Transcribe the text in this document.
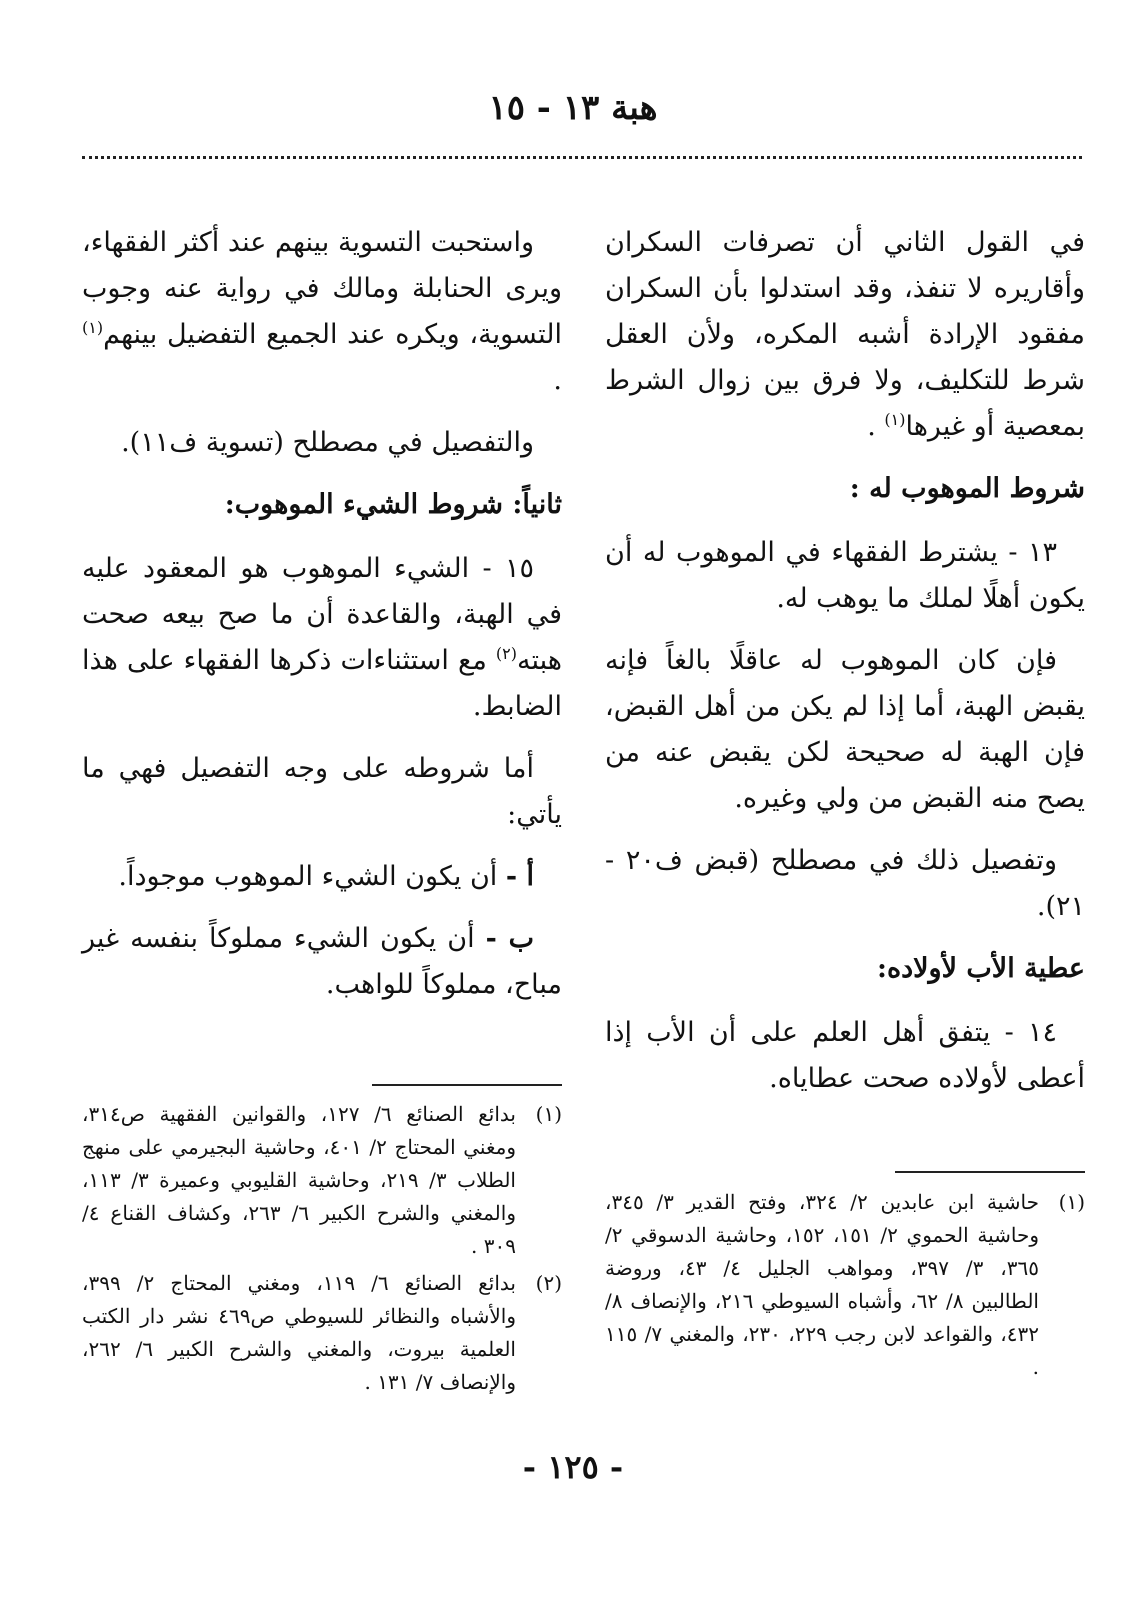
هبة ١٣ - ١٥

في القول الثاني أن تصرفات السكران وأقاريره لا تنفذ، وقد استدلوا بأن السكران مفقود الإرادة أشبه المكره، ولأن العقل شرط للتكليف، ولا فرق بين زوال الشرط بمعصية أو غيرها$^{(١)}$ .

شروط الموهوب له :

١٣ - يشترط الفقهاء في الموهوب له أن يكون أهلًا لملك ما يوهب له.

فإن كان الموهوب له عاقلًا بالغاً فإنه يقبض الهبة، أما إذا لم يكن من أهل القبض، فإن الهبة له صحيحة لكن يقبض عنه من يصح منه القبض من ولي وغيره.

وتفصيل ذلك في مصطلح (قبض ف٢٠ - ٢١).

عطية الأب لأولاده:

١٤ - يتفق أهل العلم على أن الأب إذا أعطى لأولاده صحت عطاياه.

واستحبت التسوية بينهم عند أكثر الفقهاء، ويرى الحنابلة ومالك في رواية عنه وجوب التسوية، ويكره عند الجميع التفضيل بينهم$^{(١)}$ .

والتفصيل في مصطلح (تسوية ف١١).

ثانياً: شروط الشيء الموهوب:

١٥ - الشيء الموهوب هو المعقود عليه في الهبة، والقاعدة أن ما صح بيعه صحت هبته$^{(٢)}$ مع استثناءات ذكرها الفقهاء على هذا الضابط.

أما شروطه على وجه التفصيل فهي ما يأتي:

أ - أن يكون الشيء الموهوب موجوداً.

ب - أن يكون الشيء مملوكاً بنفسه غير مباح، مملوكاً للواهب.

(١)
حاشية ابن عابدين ٢/ ٣٢٤، وفتح القدير ٣/ ٣٤٥، وحاشية الحموي ٢/ ١٥١، ١٥٢، وحاشية الدسوقي ٢/ ٣٦٥، ٣/ ٣٩٧، ومواهب الجليل ٤/ ٤٣، وروضة الطالبين ٨/ ٦٢، وأشباه السيوطي ٢١٦، والإنصاف ٨/ ٤٣٢، والقواعد لابن رجب ٢٢٩، ٢٣٠، والمغني ٧/ ١١٥ .
(١)
بدائع الصنائع ٦/ ١٢٧، والقوانين الفقهية ص٣١٤، ومغني المحتاج ٢/ ٤٠١، وحاشية البجيرمي على منهج الطلاب ٣/ ٢١٩، وحاشية القليوبي وعميرة ٣/ ١١٣، والمغني والشرح الكبير ٦/ ٢٦٣، وكشاف القناع ٤/ ٣٠٩ .
(٢)
بدائع الصنائع ٦/ ١١٩، ومغني المحتاج ٢/ ٣٩٩، والأشباه والنظائر للسيوطي ص٤٦٩ نشر دار الكتب العلمية بيروت، والمغني والشرح الكبير ٦/ ٢٦٢، والإنصاف ٧/ ١٣١ .
- ١٢٥ -
